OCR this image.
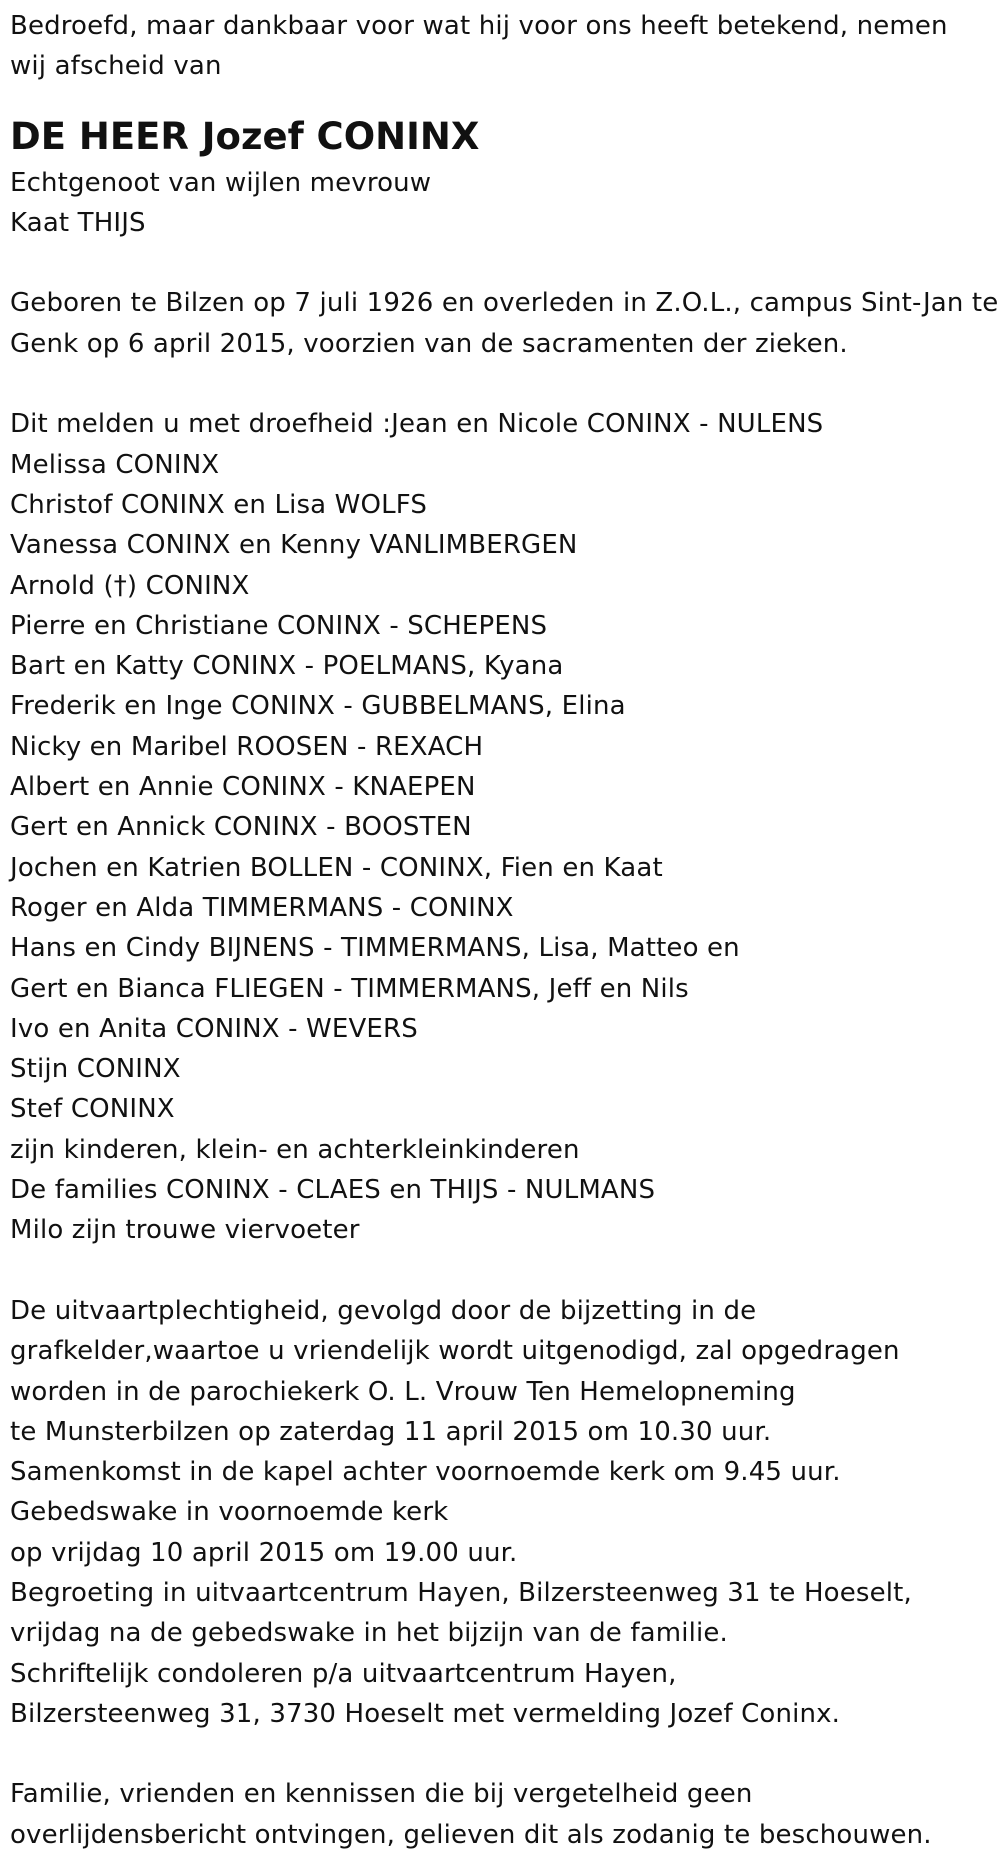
Bedroefd, maar dankbaar voor wat hij voor ons heeft betekend, nemen
wij afscheid van
DE HEER Jozef CONINX
Echtgenoot van wijlen mevrouw
Kaat THIJS
Geboren te Bilzen op 7 juli 1926 en overleden in Z.O.L., campus Sint-Jan te
Genk op 6 april 2015, voorzien van de sacramenten der zieken.
Dit melden u met droefheid :Jean en Nicole CONINX - NULENS
Melissa CONINX
Christof CONINX en Lisa WOLFS
Vanessa CONINX en Kenny VANLIMBERGEN
Arnold (†) CONINX
Pierre en Christiane CONINX - SCHEPENS
Bart en Katty CONINX - POELMANS, Kyana
Frederik en Inge CONINX - GUBBELMANS, Elina
Nicky en Maribel ROOSEN - REXACH
Albert en Annie CONINX - KNAEPEN
Gert en Annick CONINX - BOOSTEN
Jochen en Katrien BOLLEN - CONINX, Fien en Kaat
Roger en Alda TIMMERMANS - CONINX
Hans en Cindy BIJNENS - TIMMERMANS, Lisa, Matteo en
Gert en Bianca FLIEGEN - TIMMERMANS, Jeff en Nils
Ivo en Anita CONINX - WEVERS
Stijn CONINX
Stef CONINX
zijn kinderen, klein- en achterkleinkinderen
De families CONINX - CLAES en THIJS - NULMANS
Milo zijn trouwe viervoeter
De uitvaartplechtigheid, gevolgd door de bijzetting in de
grafkelder,waartoe u vriendelijk wordt uitgenodigd, zal opgedragen
worden in de parochiekerk O. L. Vrouw Ten Hemelopneming
te Munsterbilzen op zaterdag 11 april 2015 om 10.30 uur.
Samenkomst in de kapel achter voornoemde kerk om 9.45 uur.
Gebedswake in voornoemde kerk
op vrijdag 10 april 2015 om 19.00 uur.
Begroeting in uitvaartcentrum Hayen, Bilzersteenweg 31 te Hoeselt,
vrijdag na de gebedswake in het bijzijn van de familie.
Schriftelijk condoleren p/a uitvaartcentrum Hayen,
Bilzersteenweg 31, 3730 Hoeselt met vermelding Jozef Coninx.
Familie, vrienden en kennissen die bij vergetelheid geen
overlijdensbericht ontvingen, gelieven dit als zodanig te beschouwen.
